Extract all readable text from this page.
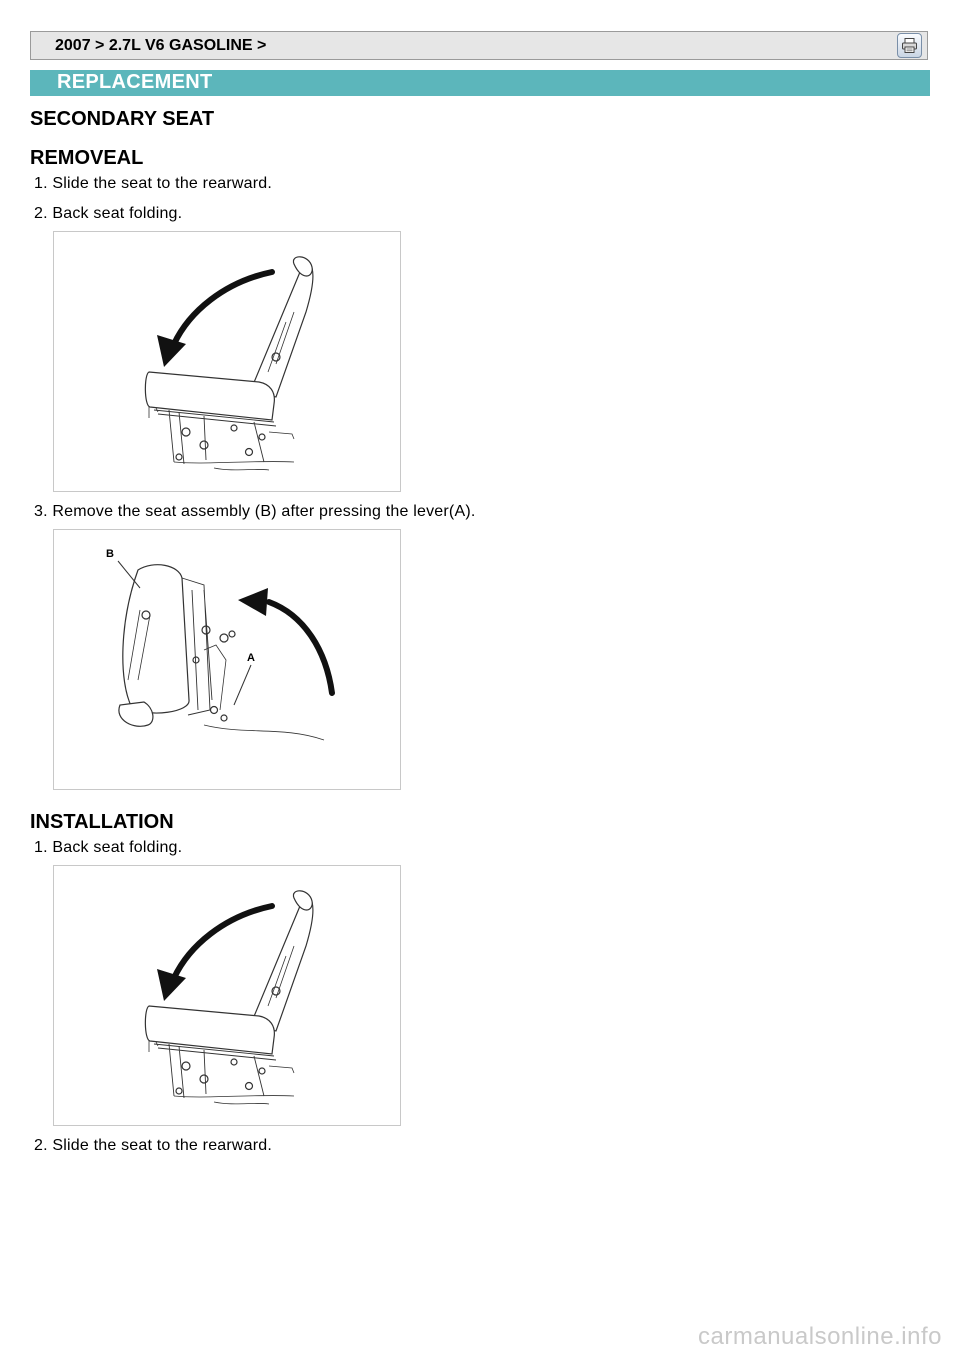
2007 > 2.7L V6 GASOLINE >
REPLACEMENT
SECONDARY SEAT
REMOVEAL
1. Slide the seat to the rearward.
2. Back seat folding.
3. Remove the seat assembly (B) after pressing the lever(A).
B
A
INSTALLATION
1. Back seat folding.
2. Slide the seat to the rearward.
carmanualsonline.info
